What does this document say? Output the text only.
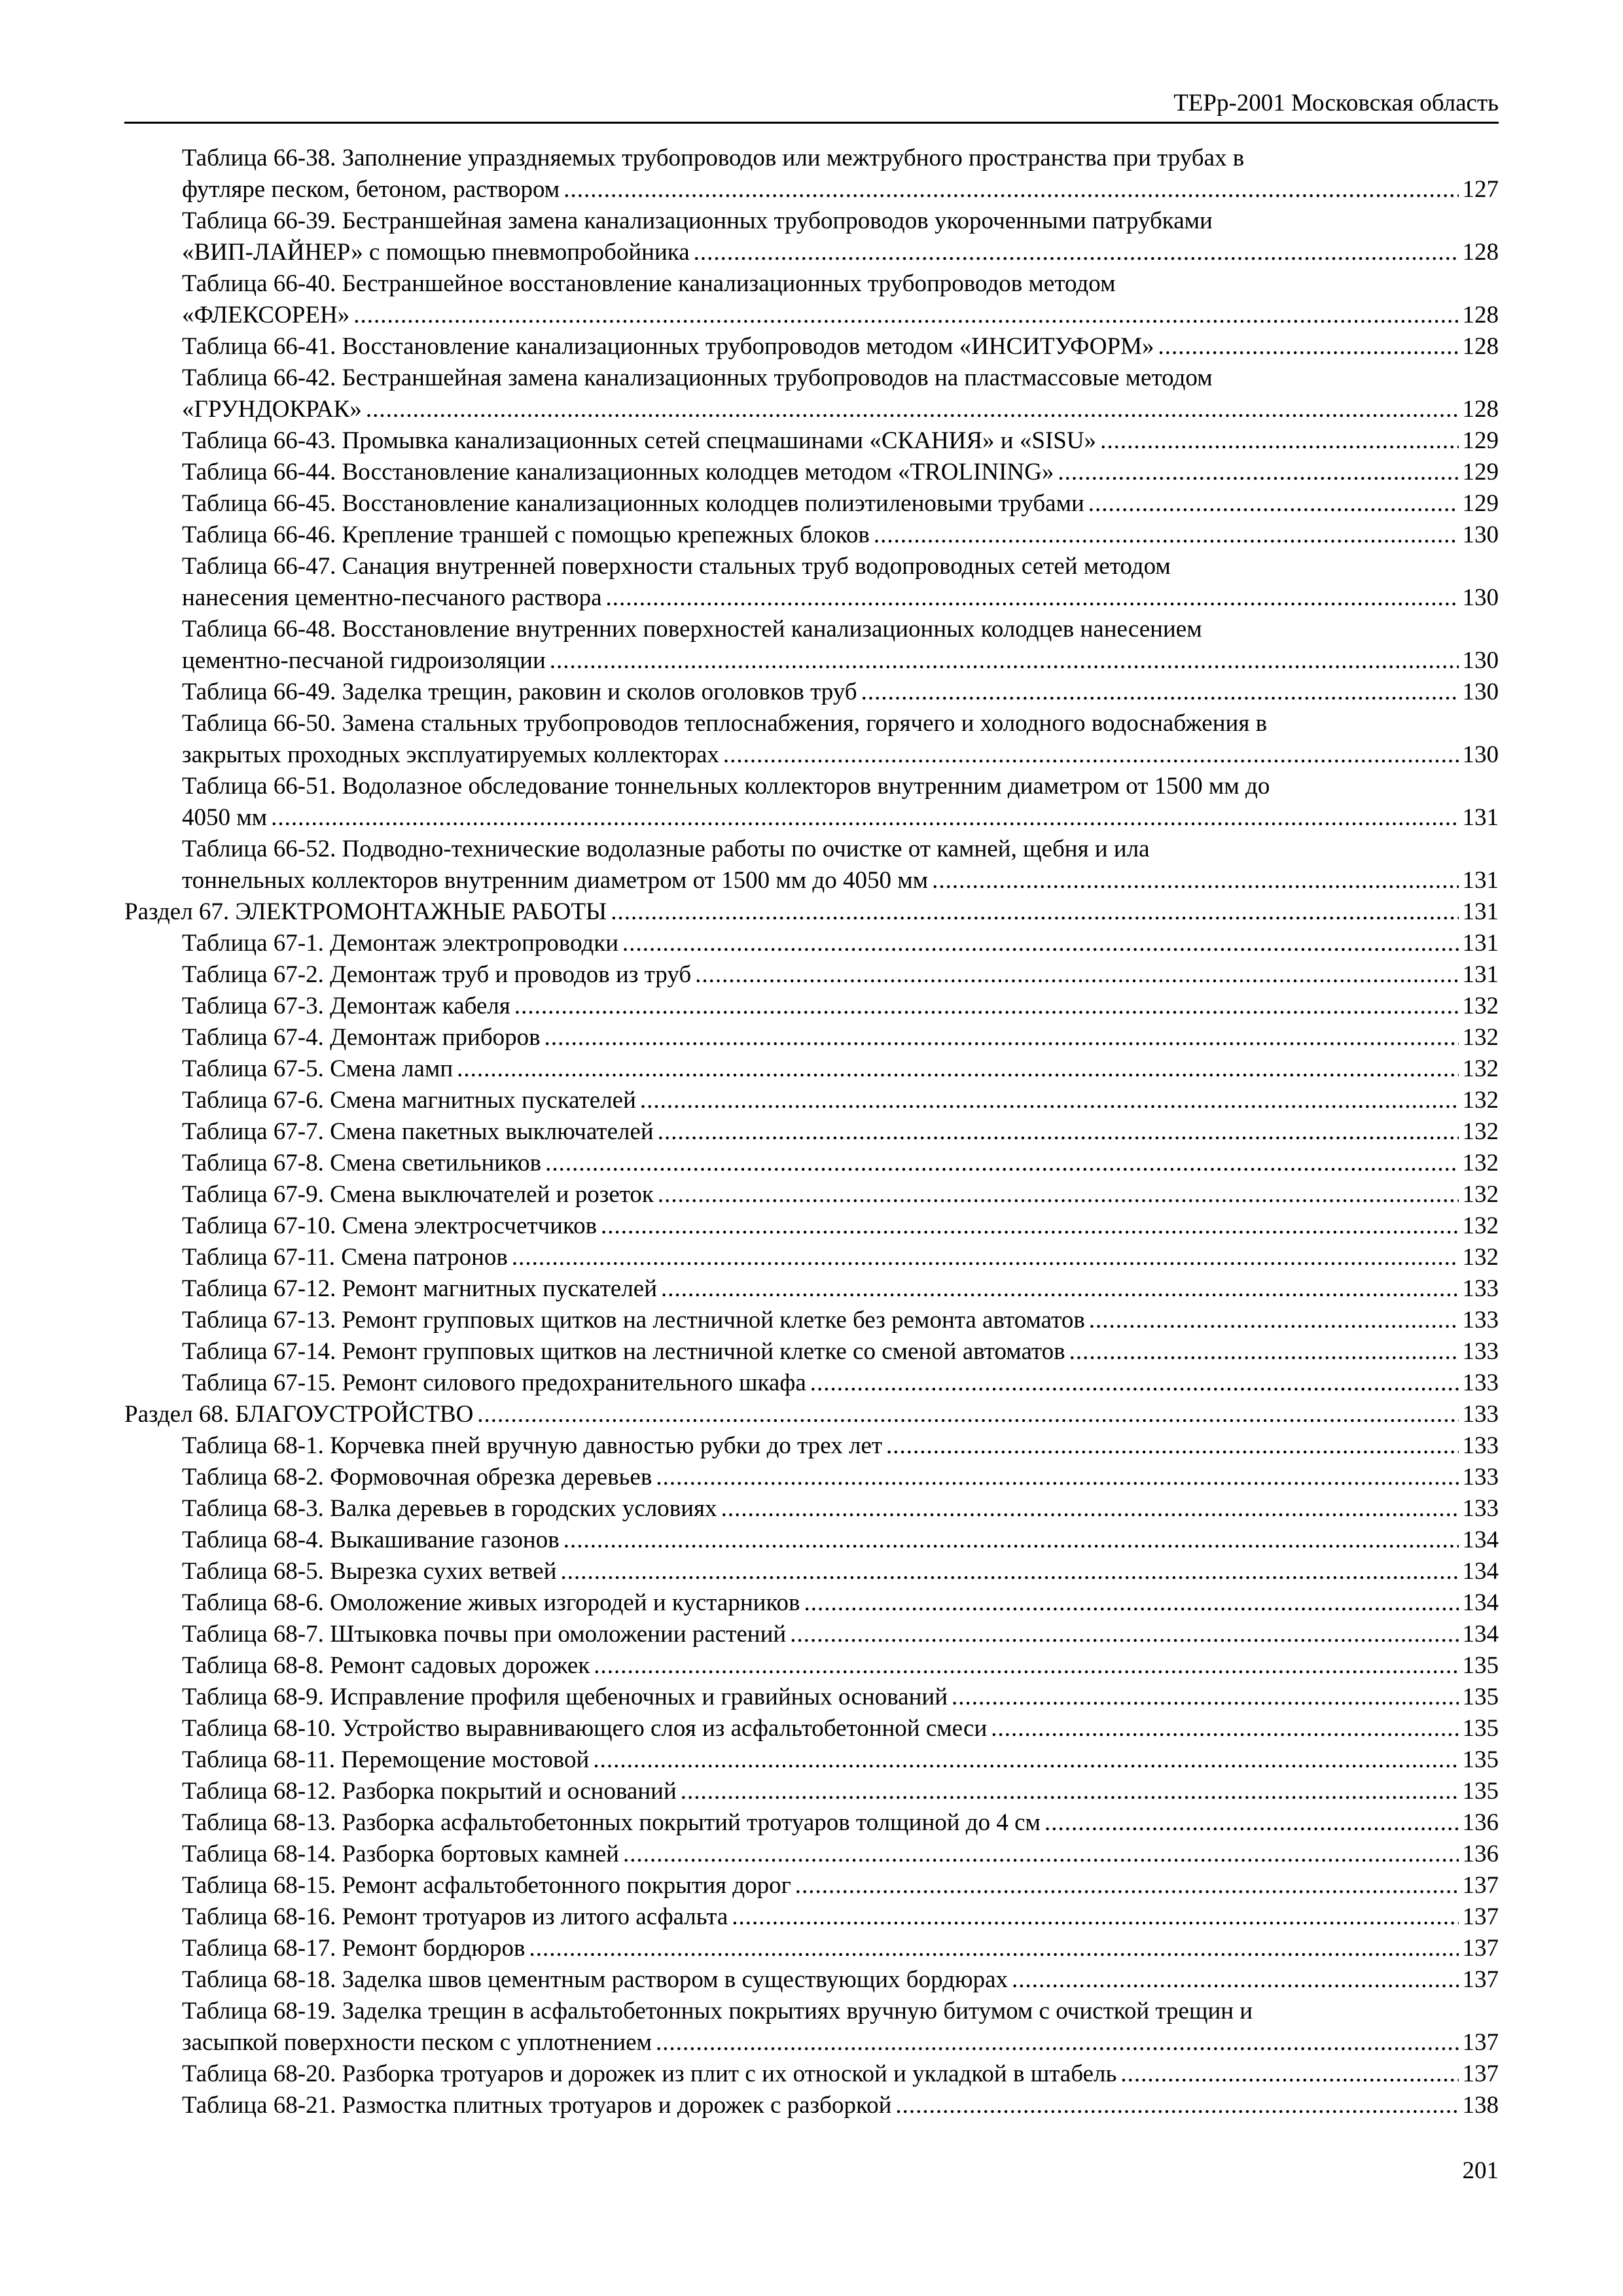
ТЕРр-2001 Московская область
Таблица 66-38. Заполнение упраздняемых трубопроводов или межтрубного пространства при трубах в
футляре песком, бетоном, раствором .....	127
Таблица 66-39. Бестраншейная замена канализационных трубопроводов укороченными патрубками
«ВИП-ЛАЙНЕР» с помощью пневмопробойника .....	128
Таблица 66-40. Бестраншейное восстановление канализационных трубопроводов методом
«ФЛЕКСОРЕН» .....	128
Таблица 66-41. Восстановление канализационных трубопроводов методом «ИНСИТУФОРМ» .....	128
Таблица 66-42. Бестраншейная замена канализационных трубопроводов на пластмассовые методом
«ГРУНДОКРАК» .....	128
Таблица 66-43. Промывка канализационных сетей спецмашинами «СКАНИЯ» и «SISU» .....	129
Таблица 66-44. Восстановление канализационных колодцев методом «TROLINING» .....	129
Таблица 66-45. Восстановление канализационных колодцев полиэтиленовыми трубами .....	129
Таблица 66-46. Крепление траншей с помощью крепежных блоков .....	130
Таблица 66-47. Санация внутренней поверхности стальных труб водопроводных сетей методом
нанесения цементно-песчаного раствора .....	130
Таблица 66-48. Восстановление внутренних поверхностей канализационных колодцев нанесением
цементно-песчаной гидроизоляции .....	130
Таблица 66-49. Заделка трещин, раковин и сколов оголовков труб .....	130
Таблица 66-50. Замена стальных трубопроводов теплоснабжения, горячего и холодного водоснабжения в
закрытых проходных эксплуатируемых коллекторах .....	130
Таблица 66-51. Водолазное обследование тоннельных коллекторов внутренним диаметром от 1500 мм до
4050 мм .....	131
Таблица 66-52. Подводно-технические водолазные работы по очистке от камней, щебня и ила
тоннельных коллекторов внутренним диаметром от 1500 мм до 4050 мм .....	131
Раздел 67. ЭЛЕКТРОМОНТАЖНЫЕ РАБОТЫ .....	131
Таблица 67-1. Демонтаж электропроводки .....	131
Таблица 67-2. Демонтаж труб и проводов из труб .....	131
Таблица 67-3. Демонтаж кабеля .....	132
Таблица 67-4. Демонтаж приборов .....	132
Таблица 67-5. Смена ламп .....	132
Таблица 67-6. Смена магнитных пускателей .....	132
Таблица 67-7. Смена пакетных выключателей .....	132
Таблица 67-8. Смена светильников .....	132
Таблица 67-9. Смена выключателей и розеток .....	132
Таблица 67-10. Смена электросчетчиков .....	132
Таблица 67-11. Смена патронов .....	132
Таблица 67-12. Ремонт магнитных пускателей .....	133
Таблица 67-13. Ремонт групповых щитков на лестничной клетке без ремонта автоматов .....	133
Таблица 67-14. Ремонт групповых щитков на лестничной клетке со сменой автоматов .....	133
Таблица 67-15. Ремонт силового предохранительного шкафа .....	133
Раздел 68. БЛАГОУСТРОЙСТВО .....	133
Таблица 68-1. Корчевка пней вручную давностью рубки до трех лет .....	133
Таблица 68-2. Формовочная обрезка деревьев .....	133
Таблица 68-3. Валка деревьев в городских условиях .....	133
Таблица 68-4. Выкашивание газонов .....	134
Таблица 68-5. Вырезка сухих ветвей .....	134
Таблица 68-6. Омоложение живых изгородей и кустарников .....	134
Таблица 68-7. Штыковка почвы при омоложении растений .....	134
Таблица 68-8. Ремонт садовых дорожек .....	135
Таблица 68-9. Исправление профиля щебеночных и гравийных оснований .....	135
Таблица 68-10. Устройство выравнивающего слоя из асфальтобетонной смеси .....	135
Таблица 68-11. Перемощение мостовой .....	135
Таблица 68-12. Разборка покрытий и оснований .....	135
Таблица 68-13. Разборка асфальтобетонных покрытий тротуаров толщиной до 4 см .....	136
Таблица 68-14. Разборка бортовых камней .....	136
Таблица 68-15. Ремонт асфальтобетонного покрытия дорог .....	137
Таблица 68-16. Ремонт тротуаров из литого асфальта .....	137
Таблица 68-17. Ремонт бордюров .....	137
Таблица 68-18. Заделка швов цементным раствором в существующих бордюрах .....	137
Таблица 68-19. Заделка трещин в асфальтобетонных покрытиях вручную битумом с очисткой трещин и
засыпкой поверхности песком с уплотнением .....	137
Таблица 68-20. Разборка тротуаров и дорожек из плит с их отноской и укладкой в штабель .....	137
Таблица 68-21. Размостка плитных тротуаров и дорожек с разборкой .....	138
201
